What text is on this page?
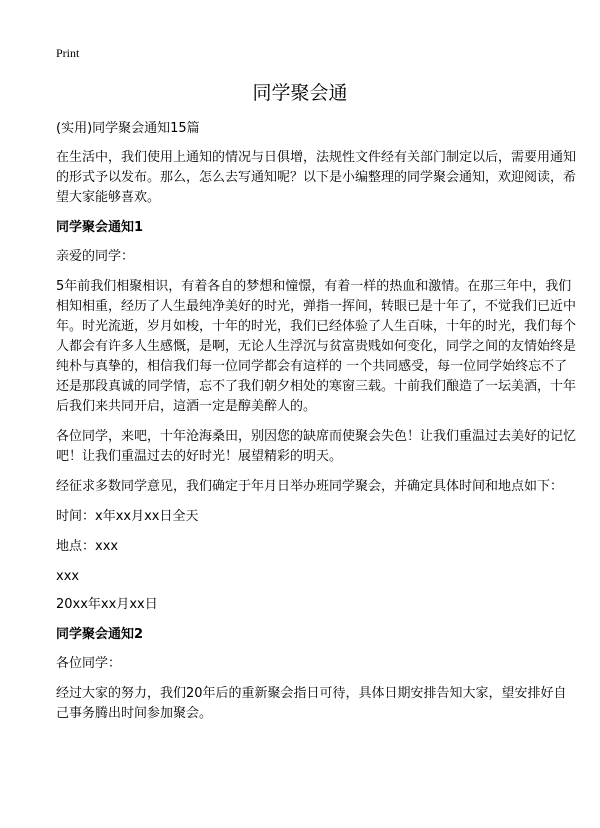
Print
同学聚会通

(实用)同学聚会通知15篇

在生活中，我们使用上通知的情况与日俱增，法规性文件经有关部门制定以后，需要用通知的形式予以发布。那么，怎么去写通知呢？以下是小编整理的同学聚会通知，欢迎阅读，希望大家能够喜欢。

同学聚会通知1

亲爱的同学：

5年前我们相聚相识，有着各自的梦想和憧憬，有着一样的热血和激情。在那三年中，我们相知相重，经历了人生最纯净美好的时光，弹指一挥间，转眼已是十年了，不觉我们已近中年。时光流逝，岁月如梭，十年的时光，我们已经体验了人生百味，十年的时光，我们每个人都会有许多人生感慨，是啊，无论人生浮沉与贫富贵贱如何变化，同学之间的友情始终是纯朴与真挚的，相信我们每一位同学都会有這样的 一个共同感受，每一位同学始终忘不了还是那段真诚的同学情，忘不了我们朝夕相处的寒窗三载。十前我们酿造了一坛美酒，十年后我们来共同开启，這酒一定是醇美醉人的。

各位同学，来吧，十年沧海桑田，别因您的缺席而使聚会失色！让我们重温过去美好的记忆吧！让我们重温过去的好时光！展望精彩的明天。

经征求多数同学意见，我们确定于年月日举办班同学聚会，并确定具体时间和地点如下：

时间：x年xx月xx日全天

地点：xxx

xxx

20xx年xx月xx日

同学聚会通知2

各位同学：

经过大家的努力，我们20年后的重新聚会指日可待，具体日期安排告知大家，望安排好自己事务腾出时间参加聚会。
